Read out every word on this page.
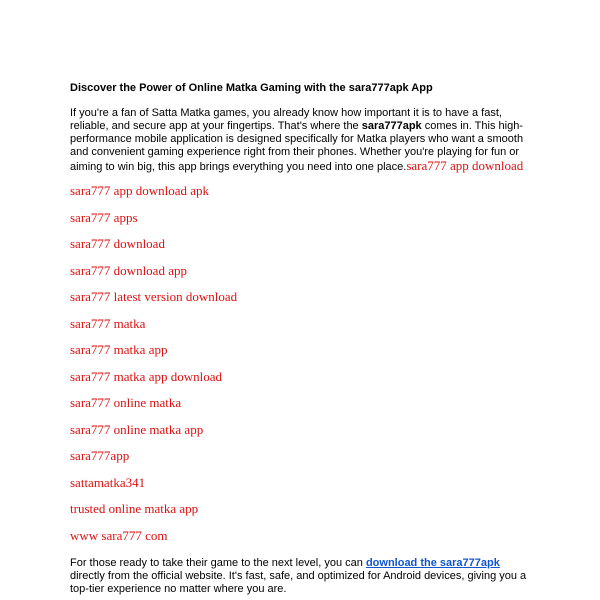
Discover the Power of Online Matka Gaming with the sara777apk App

If you're a fan of Satta Matka games, you already know how important it is to have a fast, reliable, and secure app at your fingertips. That's where the sara777apk comes in. This high-performance mobile application is designed specifically for Matka players who want a smooth and convenient gaming experience right from their phones. Whether you're playing for fun or aiming to win big, this app brings everything you need into one place.sara777 app download

sara777 app download apk
sara777 apps
sara777 download
sara777 download app
sara777 latest version download
sara777 matka
sara777 matka app
sara777 matka app download
sara777 online matka
sara777 online matka app
sara777app
sattamatka341
trusted online matka app
www sara777 com

For those ready to take their game to the next level, you can download the sara777apk directly from the official website. It's fast, safe, and optimized for Android devices, giving you a top-tier experience no matter where you are.
